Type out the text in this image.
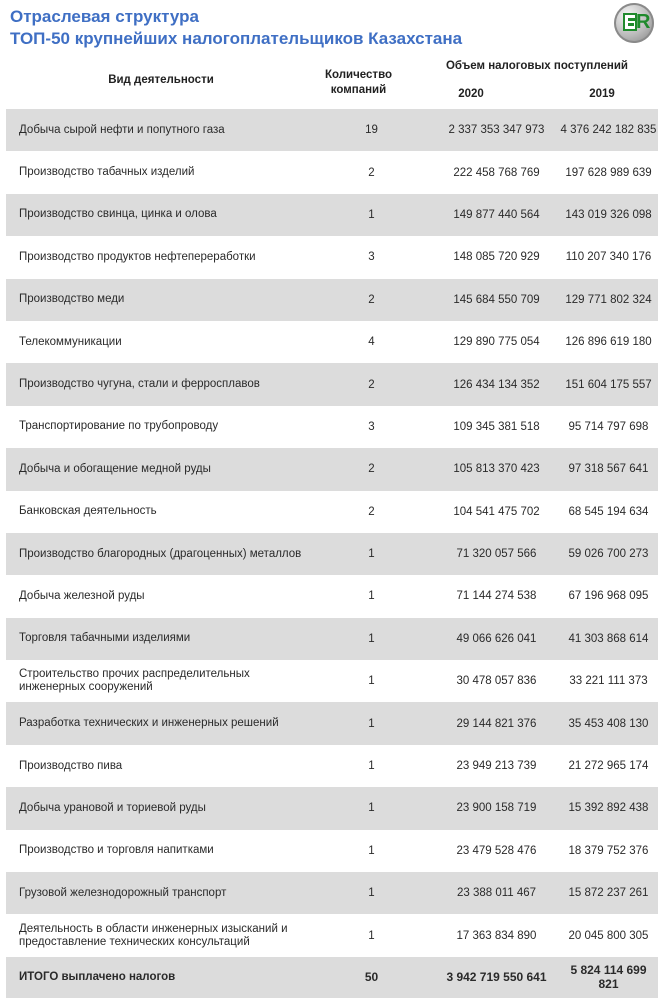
Отраслевая структура
ТОП-50 крупнейших налогоплательщиков Казахстана
R
Вид деятельности	Количество компаний
Объем налоговых поступлений
2020	2019
Добыча сырой нефти и попутного газа	19	2 337 353 347 973	4 376 242 182 835
Производство табачных изделий	2	222 458 768 769	197 628 989 639
Производство свинца, цинка и олова	1	149 877 440 564	143 019 326 098
Производство продуктов нефтепереработки	3	148 085 720 929	110 207 340 176
Производство меди	2	145 684 550 709	129 771 802 324
Телекоммуникации	4	129 890 775 054	126 896 619 180
Производство чугуна, стали и ферросплавов	2	126 434 134 352	151 604 175 557
Транспортирование по трубопроводу	3	109 345 381 518	95 714 797 698
Добыча и обогащение медной руды	2	105 813 370 423	97 318 567 641
Банковская деятельность	2	104 541 475 702	68 545 194 634
Производство благородных (драгоценных) металлов	1	71 320 057 566	59 026 700 273
Добыча железной руды	1	71 144 274 538	67 196 968 095
Торговля табачными изделиями	1	49 066 626 041	41 303 868 614
Строительство прочих распределительных инженерных сооружений	1	30 478 057 836	33 221 111 373
Разработка технических и инженерных решений	1	29 144 821 376	35 453 408 130
Производство пива	1	23 949 213 739	21 272 965 174
Добыча урановой и ториевой руды	1	23 900 158 719	15 392 892 438
Производство и торговля напитками	1	23 479 528 476	18 379 752 376
Грузовой железнодорожный транспорт	1	23 388 011 467	15 872 237 261
Деятельность в области инженерных изысканий и предоставление технических консультаций	1	17 363 834 890	20 045 800 305
ИТОГО выплачено налогов	50	3 942 719 550 641	5 824 114 699 821
